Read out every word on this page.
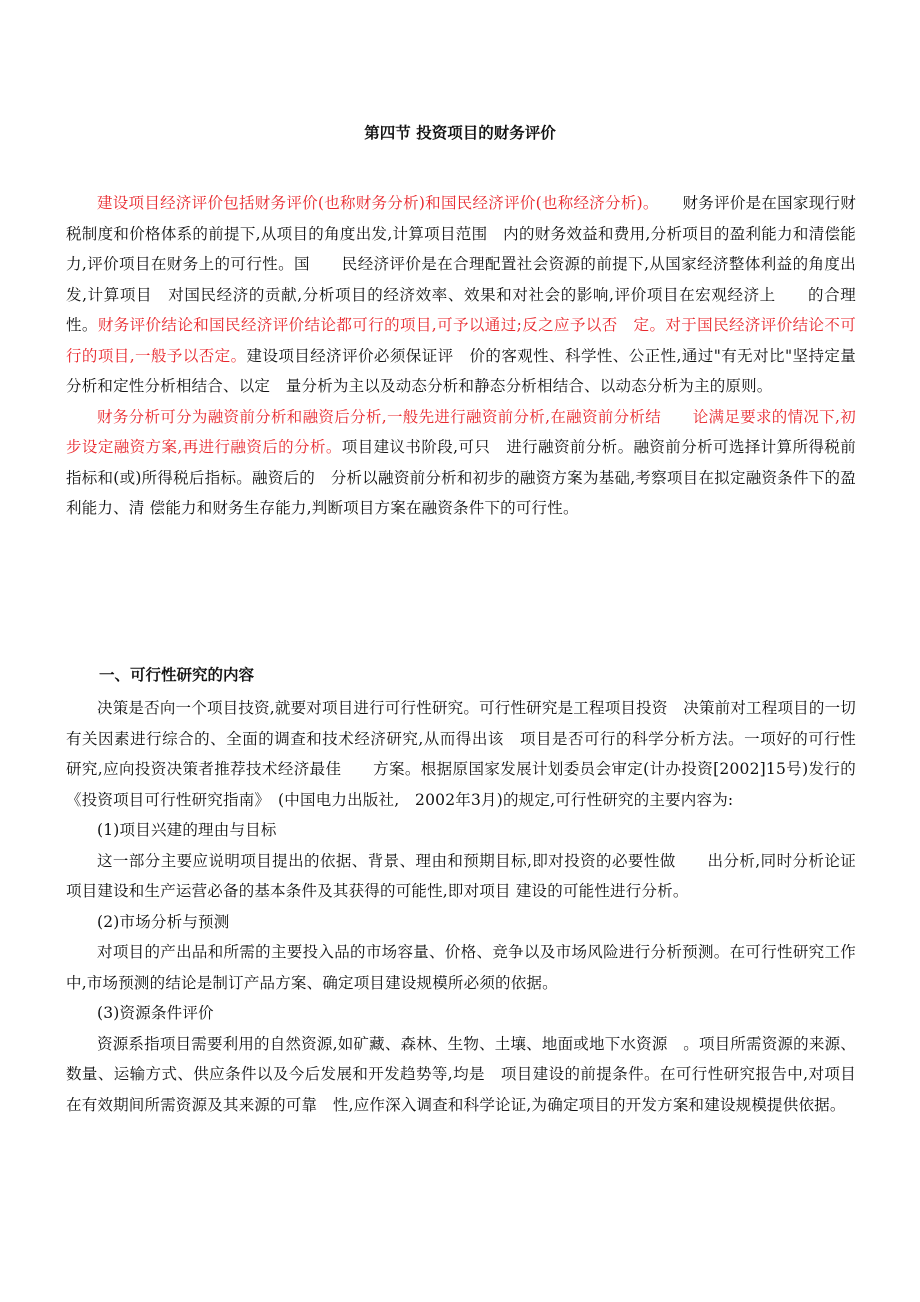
第四节 投资项目的财务评价

建设项目经济评价包括财务评价(也称财务分析)和国民经济评价(也称经济分析)。　　财务评价是在国家现行财税制度和价格体系的前提下,从项目的角度出发,计算项目范围　内的财务效益和费用,分析项目的盈利能力和清偿能力,评价项目在财务上的可行性。国　　民经济评价是在合理配置社会资源的前提下,从国家经济整体利益的角度出发,计算项目　对国民经济的贡献,分析项目的经济效率、效果和对社会的影响,评价项目在宏观经济上　　的合理性。财务评价结论和国民经济评价结论都可行的项目,可予以通过;反之应予以否　定。对于国民经济评价结论不可行的项目,一般予以否定。建设项目经济评价必须保证评　价的客观性、科学性、公正性,通过"有无对比"坚持定量分析和定性分析相结合、以定　量分析为主以及动态分析和静态分析相结合、以动态分析为主的原则。

财务分析可分为融资前分析和融资后分析,一般先进行融资前分析,在融资前分析结　　论满足要求的情况下,初步设定融资方案,再进行融资后的分析。项目建议书阶段,可只　进行融资前分析。融资前分析可选择计算所得税前指标和(或)所得税后指标。融资后的　分析以融资前分析和初步的融资方案为基础,考察项目在拟定融资条件下的盈利能力、清 偿能力和财务生存能力,判断项目方案在融资条件下的可行性。

一、可行性研究的内容

决策是否向一个项目技资,就要对项目进行可行性研究。可行性研究是工程项目投资　决策前对工程项目的一切有关因素进行综合的、全面的调查和技术经济研究,从而得出该　项目是否可行的科学分析方法。一项好的可行性研究,应向投资决策者推荐技术经济最佳　　方案。根据原国家发展计划委员会审定(计办投资[2002]15号)发行的《投资项目可行性研究指南》　(中国电力出版社,　2002年3月)的规定,可行性研究的主要内容为:

(1)项目兴建的理由与目标

这一部分主要应说明项目提出的依据、背景、理由和预期目标,即对投资的必要性做　　出分析,同时分析论证项目建设和生产运营必备的基本条件及其获得的可能性,即对项目 建设的可能性进行分析。

(2)市场分析与预测

对项目的产出品和所需的主要投入品的市场容量、价格、竞争以及市场风险进行分析预测。在可行性研究工作中,市场预测的结论是制订产品方案、确定项目建设规模所必须的依据。

(3)资源条件评价

资源系指项目需要利用的自然资源,如矿藏、森林、生物、土壤、地面或地下水资源　。项目所需资源的来源、数量、运输方式、供应条件以及今后发展和开发趋势等,均是　项目建设的前提条件。在可行性研究报告中,对项目在有效期间所需资源及其来源的可靠　性,应作深入调查和科学论证,为确定项目的开发方案和建设规模提供依据。
